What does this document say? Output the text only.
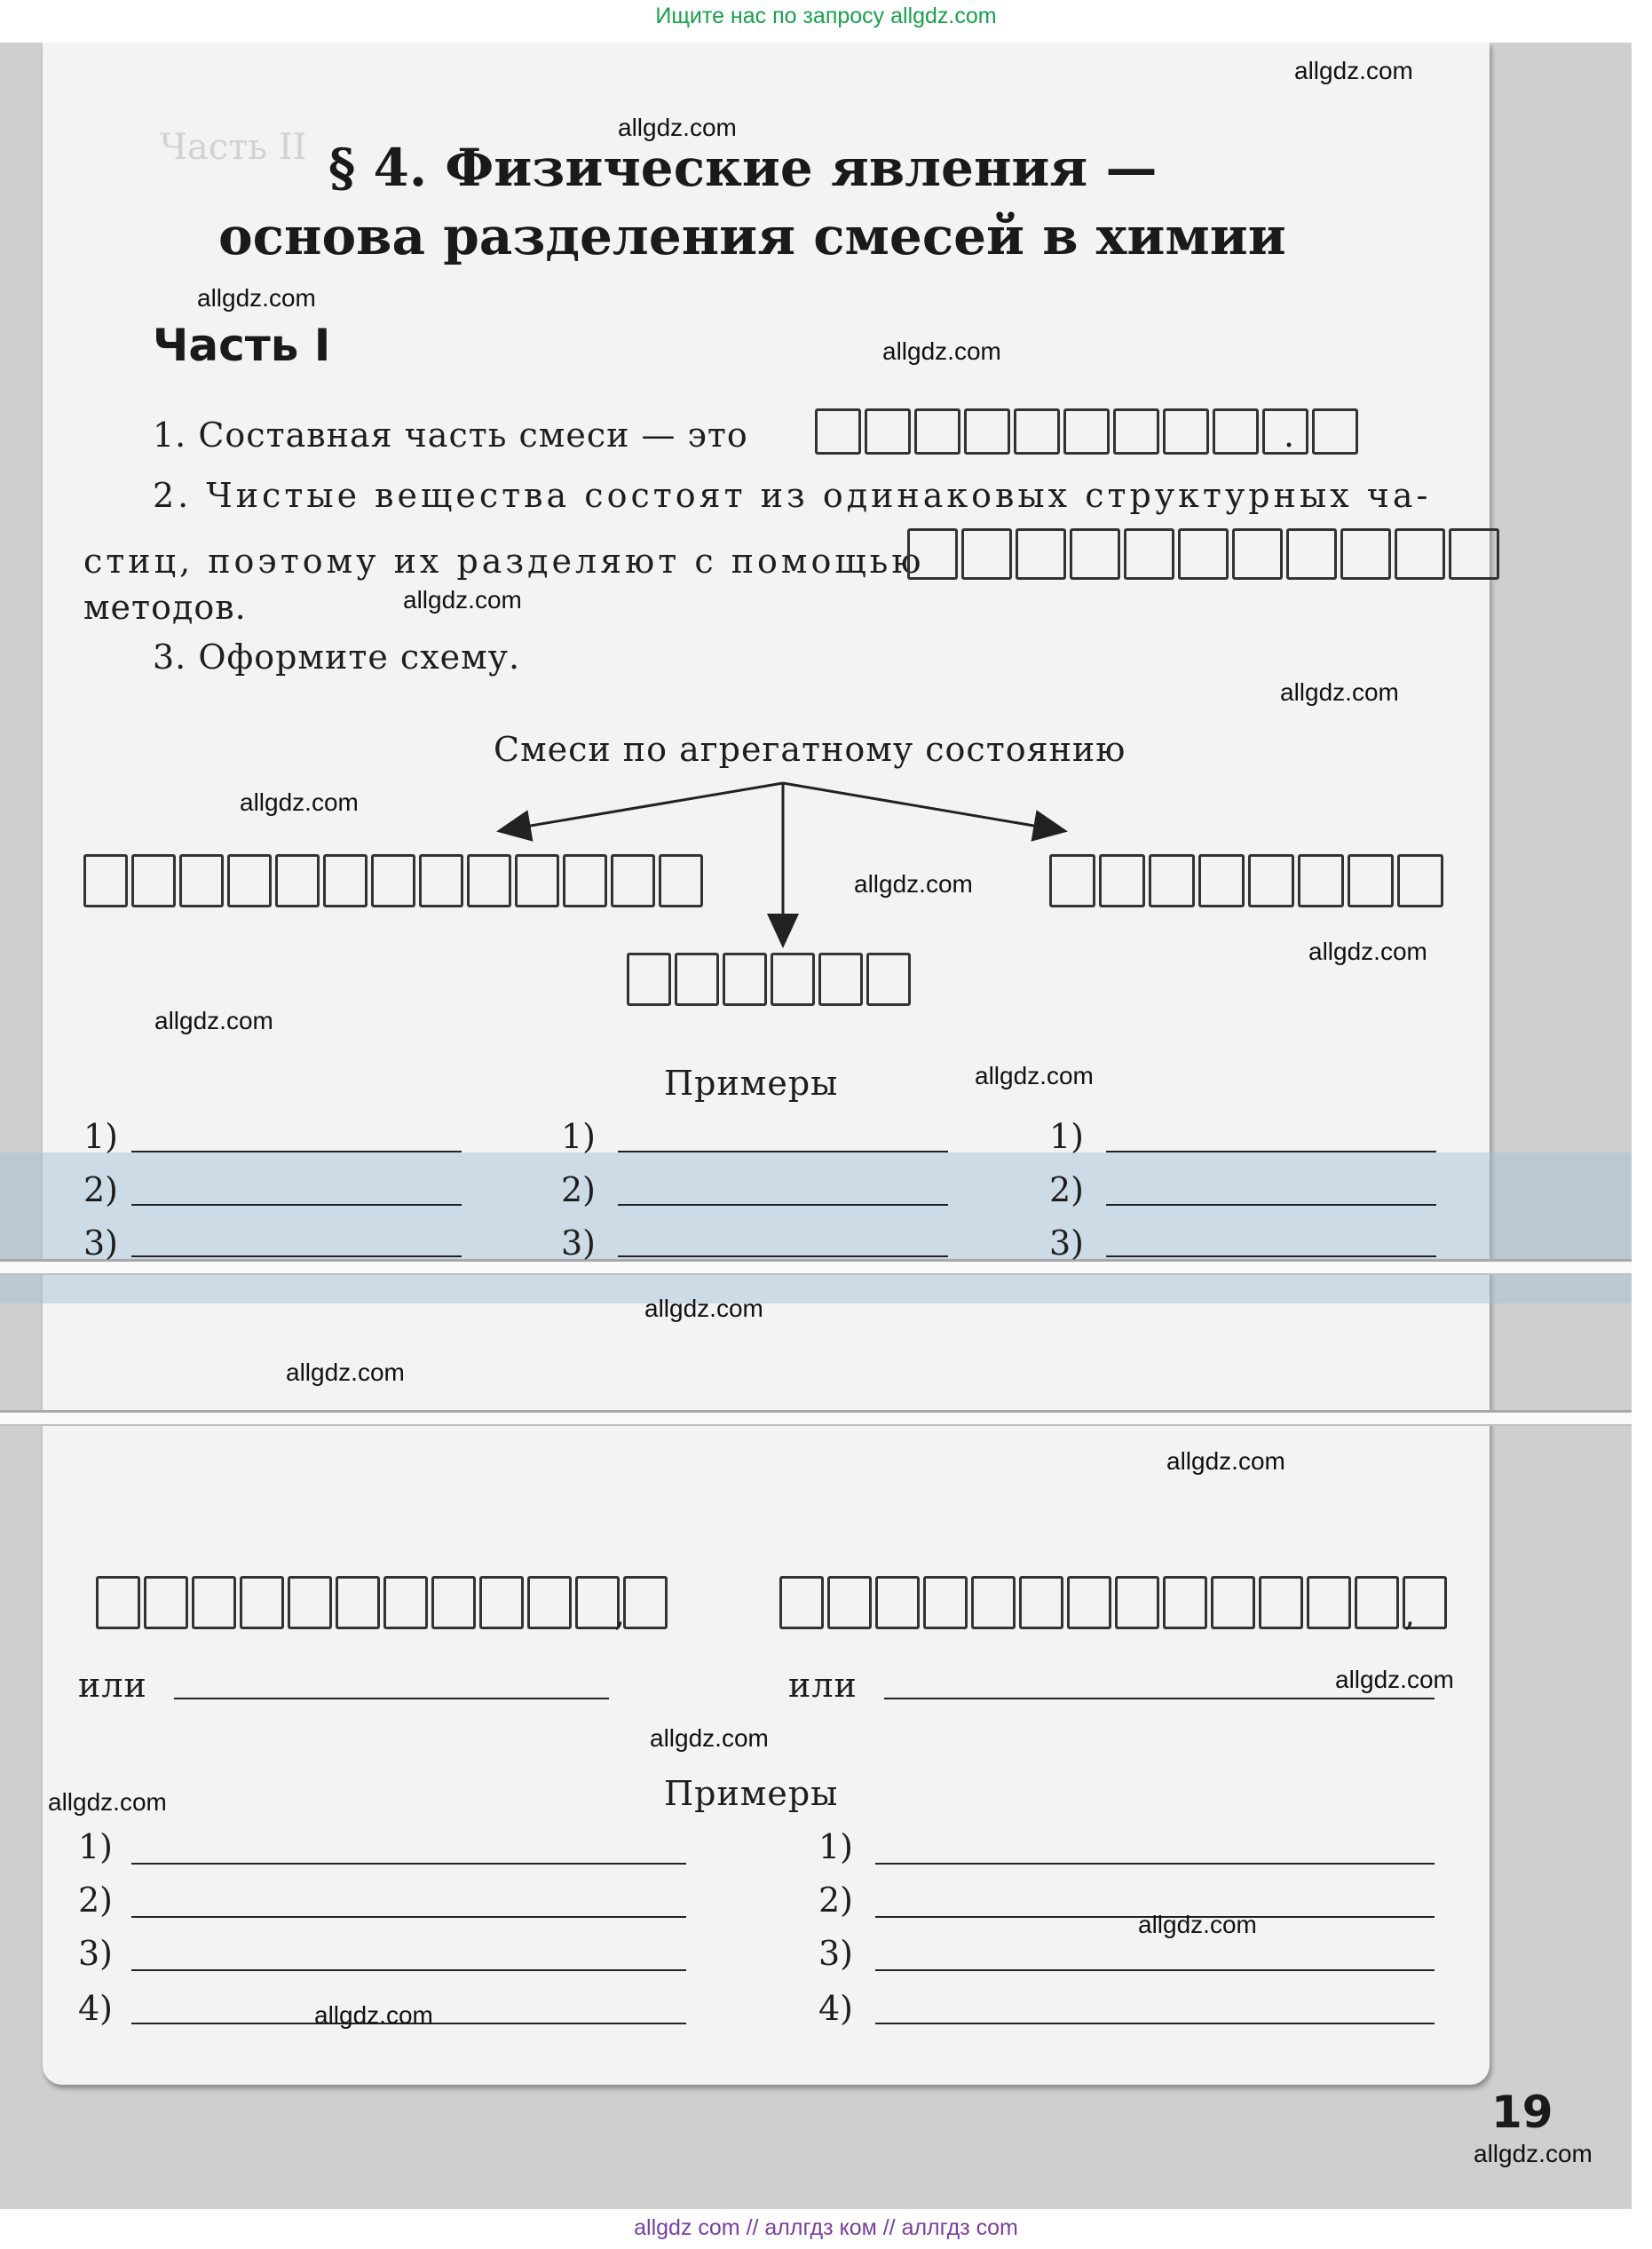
Ищите нас по запросу allgdz.com
Часть II § 4. Физические явления —
основа разделения смесей в химии
Часть I
1. Составная часть смеси — это	.
2. Чистые вещества состоят из одинаковых структурных ча-
стиц, поэтому их разделяют с помощью
методов.
3. Оформите схему.
Смеси по агрегатному состоянию
Примеры
1)
2)
3)
1)
2)
3)
1)
2)
3)
,	,
или	или
Примеры
1)
2)
3)
4)
1)
2)
3)
4)
19
allgdz.com
allgdz.com
allgdz.com
allgdz.com
allgdz.com
allgdz.com
allgdz.com
allgdz.com
allgdz.com
allgdz.com
allgdz.com
allgdz.com
allgdz.com
allgdz.com
allgdz.com
allgdz.com
allgdz.com
allgdz.com
allgdz.com
allgdz.com
allgdz com // аллгдз ком // аллгдз com
